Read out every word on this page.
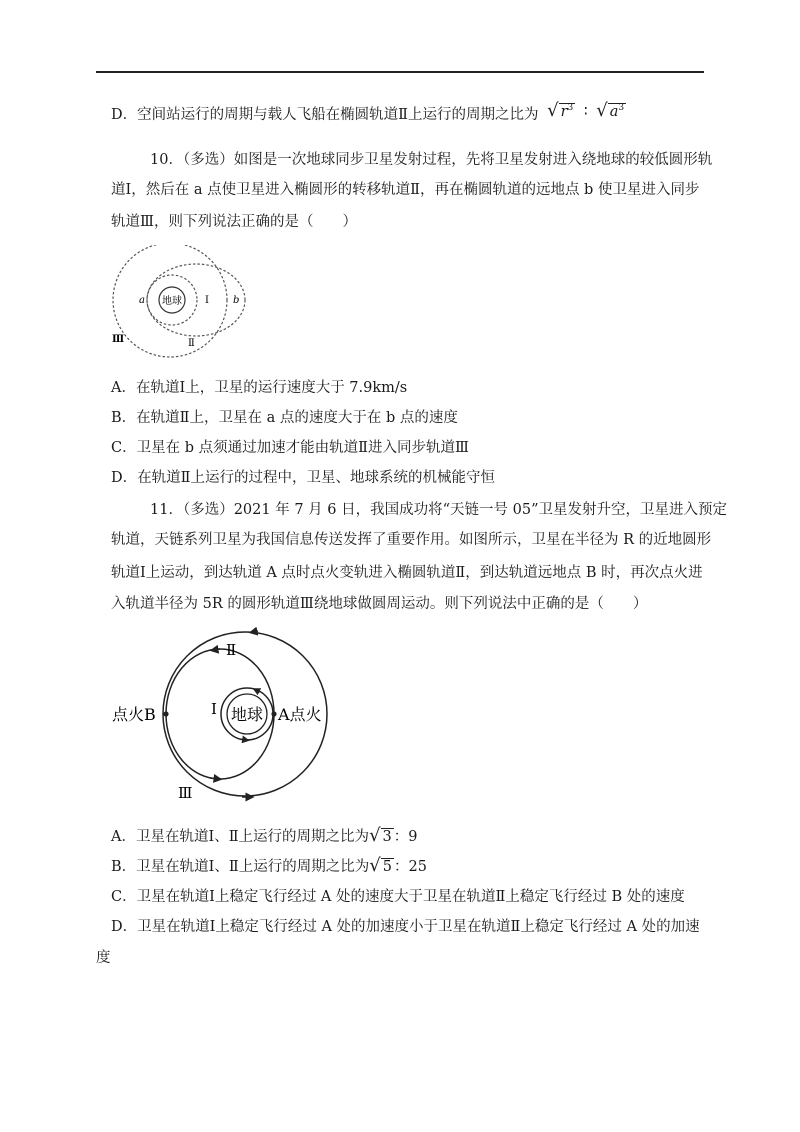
D．空间站运行的周期与载人飞船在椭圆轨道Ⅱ上运行的周期之比为 √ $r^3$ ∶ √ $a^3$
10．（多选）如图是一次地球同步卫星发射过程，先将卫星发射进入绕地球的较低圆形轨
道Ⅰ，然后在 a 点使卫星进入椭圆形的转移轨道Ⅱ，再在椭圆轨道的远地点 b 使卫星进入同步
轨道Ⅲ，则下列说法正确的是（　　）
地球
a	b
Ⅰ
Ⅱ
Ⅲ
A．在轨道Ⅰ上，卫星的运行速度大于 7.9km/s
B．在轨道Ⅱ上，卫星在 a 点的速度大于在 b 点的速度
C．卫星在 b 点须通过加速才能由轨道Ⅱ进入同步轨道Ⅲ
D．在轨道Ⅱ上运行的过程中，卫星、地球系统的机械能守恒
11．（多选）2021 年 7 月 6 日，我国成功将“天链一号 05”卫星发射升空，卫星进入预定
轨道，天链系列卫星为我国信息传送发挥了重要作用。如图所示，卫星在半径为 R 的近地圆形
轨道Ⅰ上运动，到达轨道 A 点时点火变轨进入椭圆轨道Ⅱ，到达轨道远地点 B 时，再次点火进
入轨道半径为 5R 的圆形轨道Ⅲ绕地球做圆周运动。则下列说法中正确的是（　　）
地球 A点火
点火B	Ⅰ
Ⅱ
Ⅲ
A．卫星在轨道Ⅰ、Ⅱ上运行的周期之比为√ 3 ：9
B．卫星在轨道Ⅰ、Ⅱ上运行的周期之比为√ 5 ：25
C．卫星在轨道Ⅰ上稳定飞行经过 A 处的速度大于卫星在轨道Ⅱ上稳定飞行经过 B 处的速度
D．卫星在轨道Ⅰ上稳定飞行经过 A 处的加速度小于卫星在轨道Ⅱ上稳定飞行经过 A 处的加速
度
